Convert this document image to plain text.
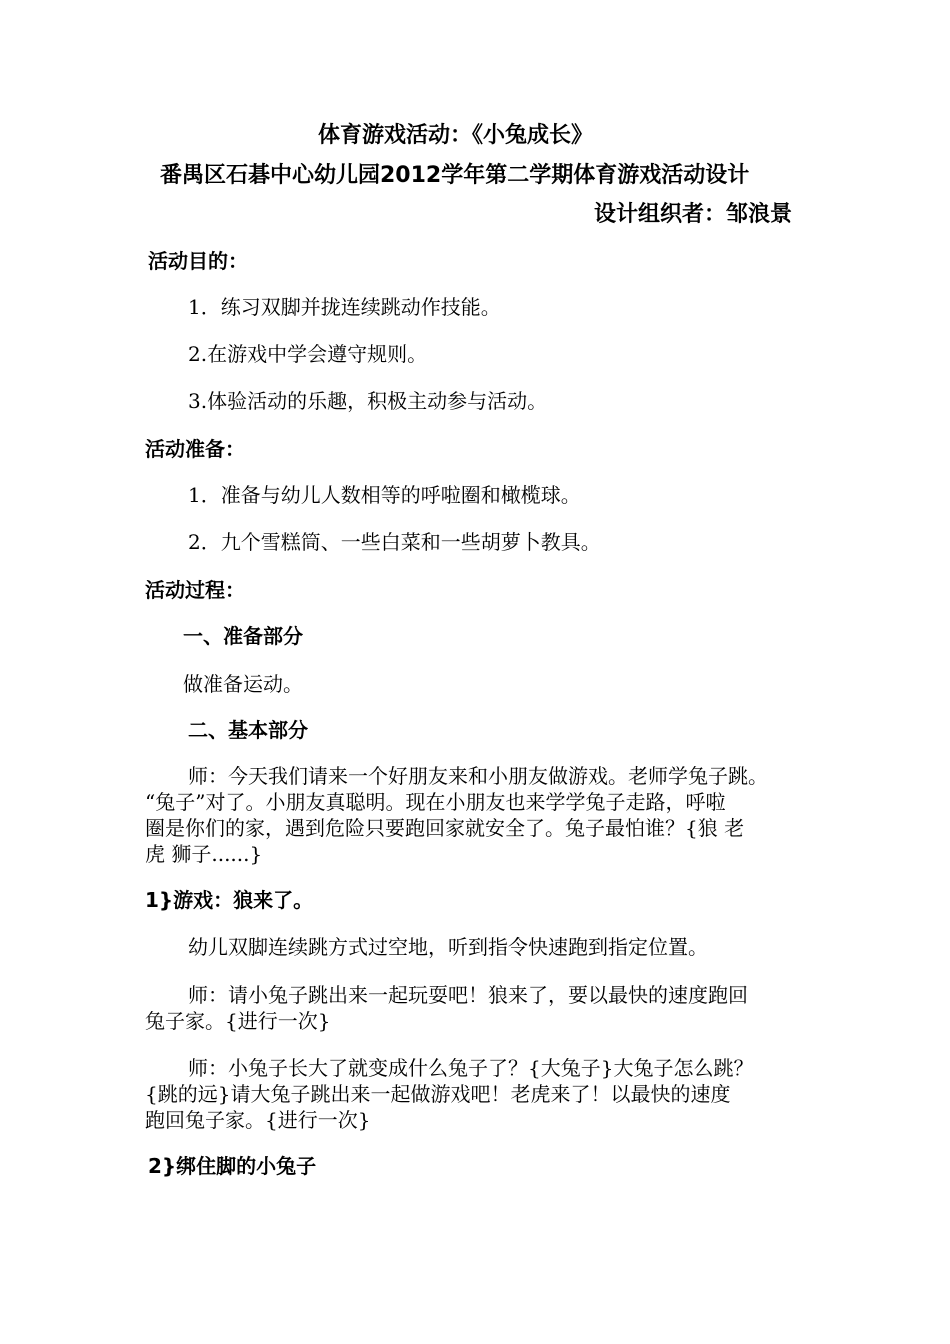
体育游戏活动：《小兔成长》
番禺区石碁中心幼儿园2012学年第二学期体育游戏活动设计
设计组织者：邹浪景
活动目的：
1．练习双脚并拢连续跳动作技能。
2.在游戏中学会遵守规则。
3.体验活动的乐趣，积极主动参与活动。
活动准备：
1．准备与幼儿人数相等的呼啦圈和橄榄球。
2．九个雪糕筒、一些白菜和一些胡萝卜教具。
活动过程：
一、准备部分
做准备运动。
二、基本部分
师：今天我们请来一个好朋友来和小朋友做游戏。老师学兔子跳。
“兔子”对了。小朋友真聪明。现在小朋友也来学学兔子走路，呼啦
圈是你们的家，遇到危险只要跑回家就安全了。兔子最怕谁？{狼 老
虎 狮子......}
1}游戏：狼来了。
幼儿双脚连续跳方式过空地，听到指令快速跑到指定位置。
师：请小兔子跳出来一起玩耍吧！狼来了，要以最快的速度跑回
兔子家。{进行一次}
师：小兔子长大了就变成什么兔子了？{大兔子}大兔子怎么跳？
{跳的远}请大兔子跳出来一起做游戏吧！老虎来了！以最快的速度
跑回兔子家。{进行一次}
2}绑住脚的小兔子
